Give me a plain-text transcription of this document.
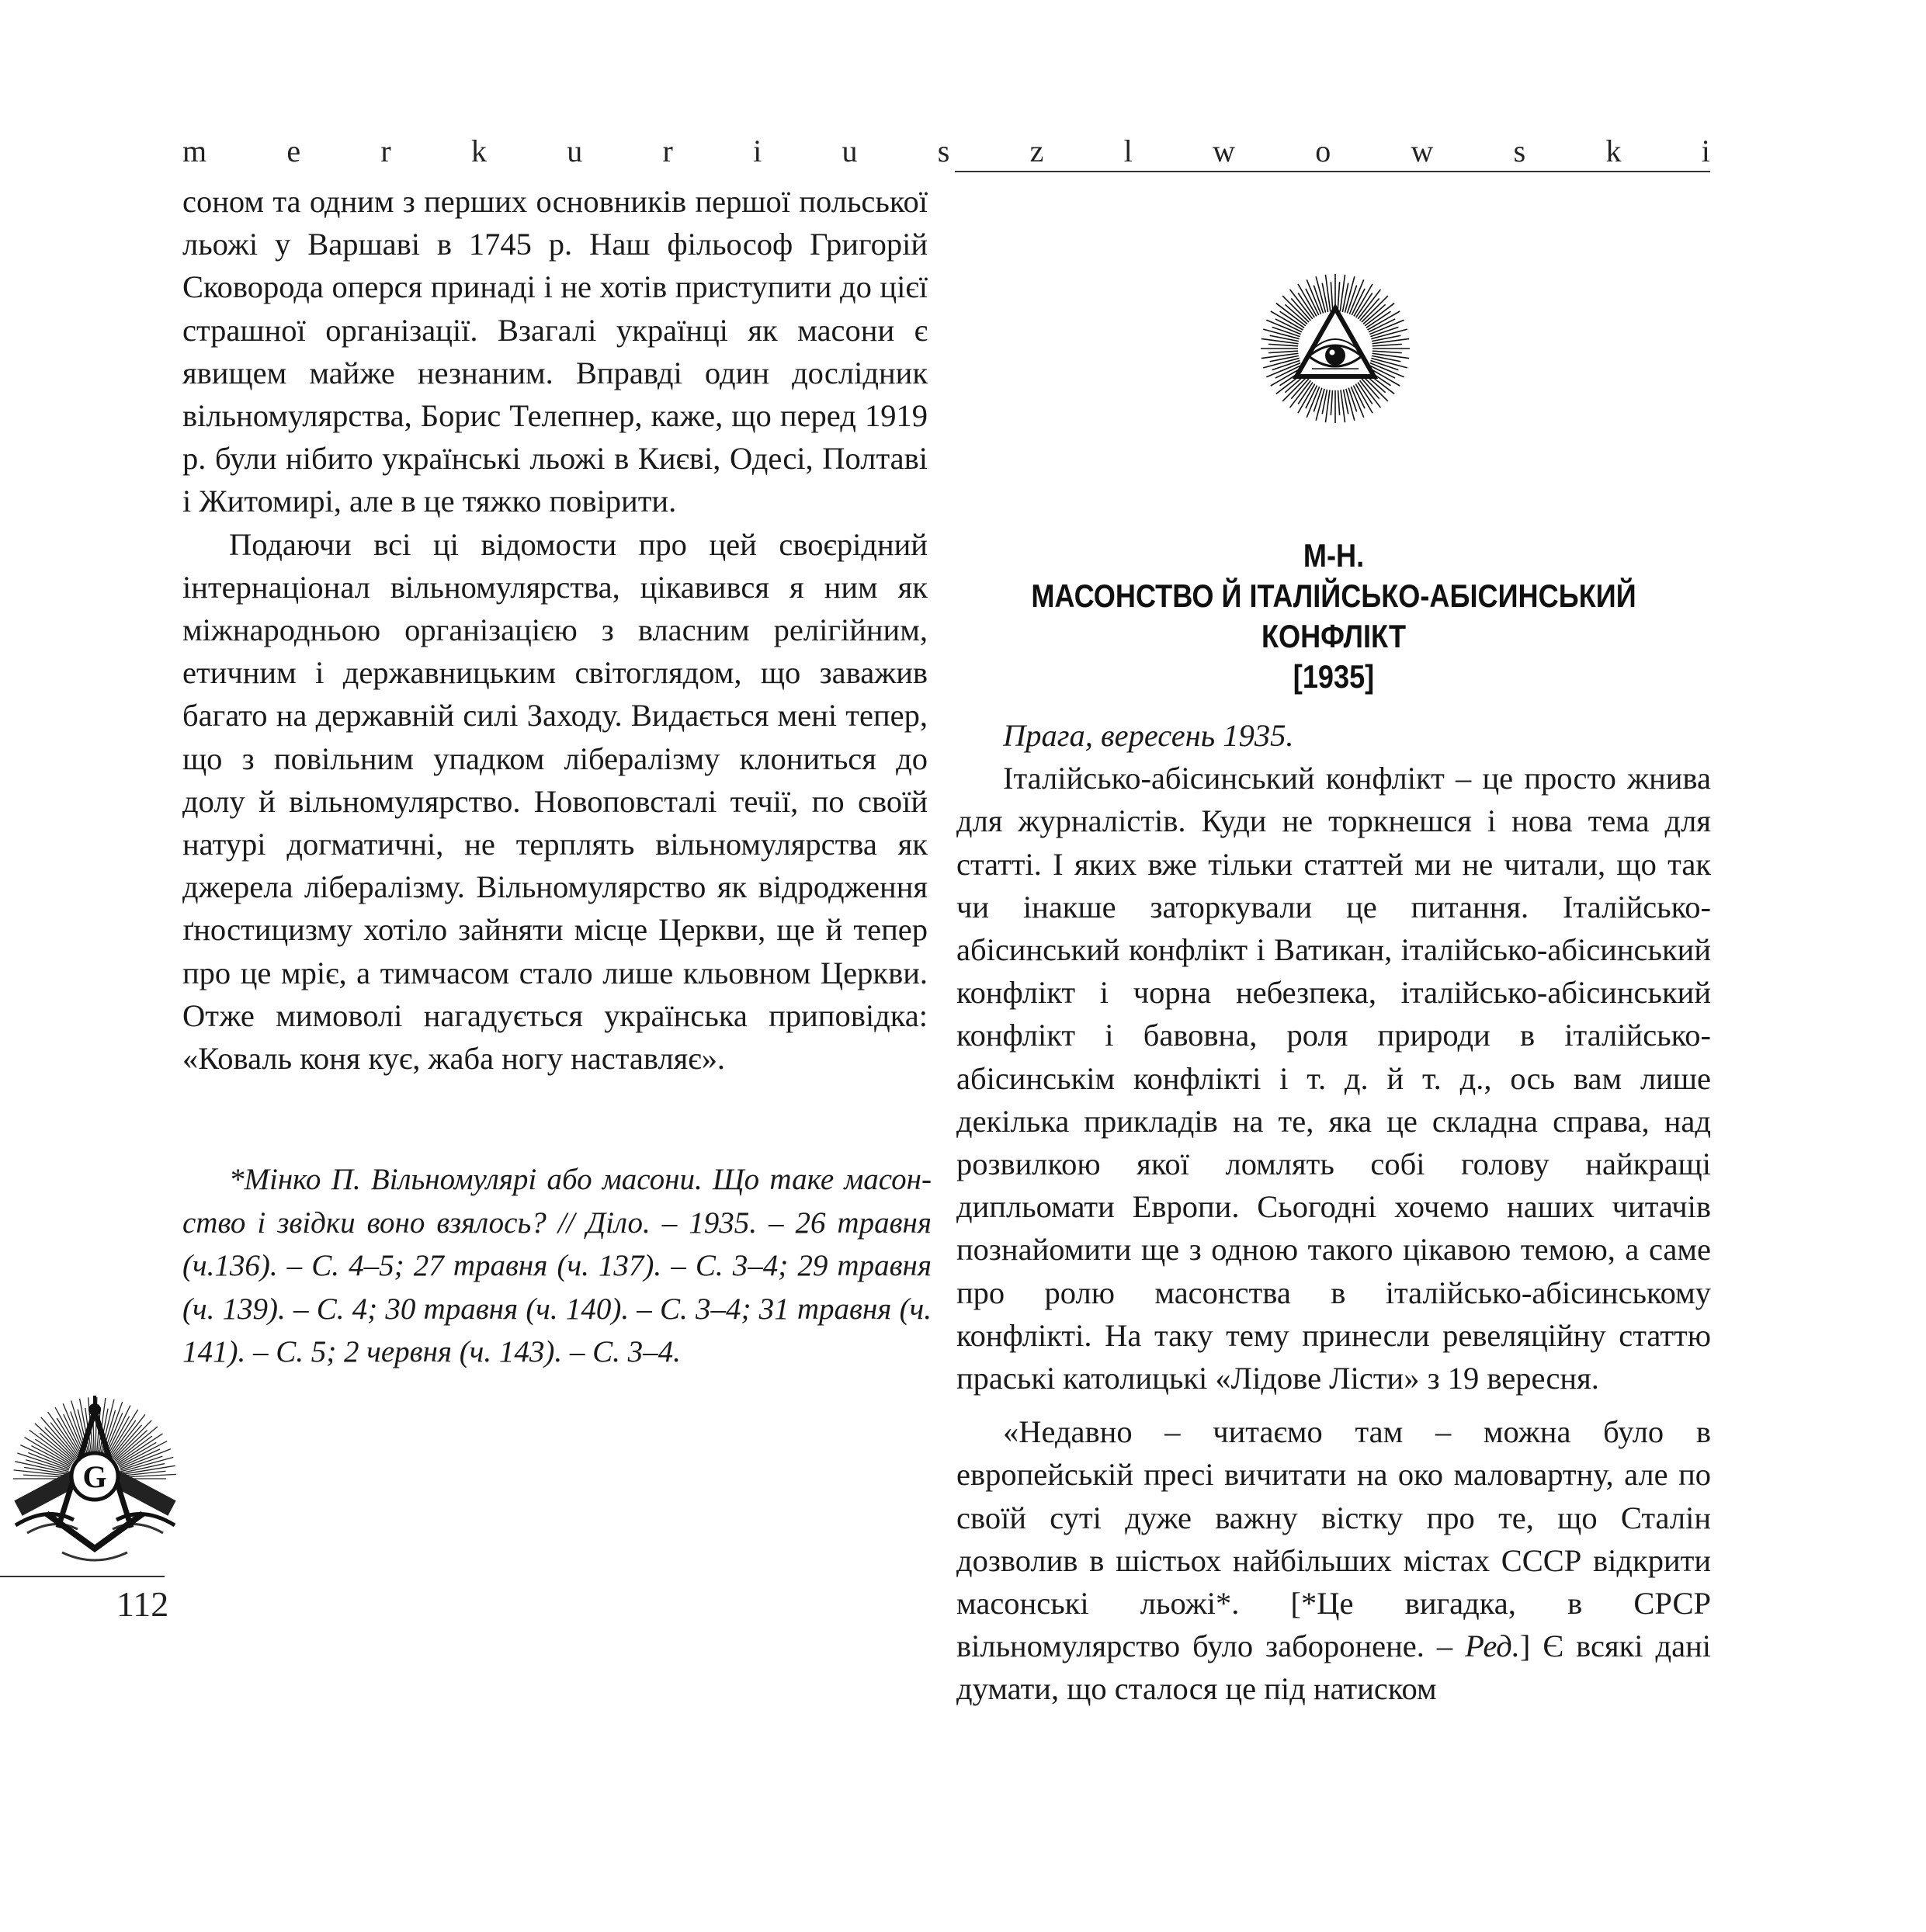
m	e	r	k	u	r	i	u	s	z	l	w	o	w	s	k	i

соном та одним з перших основників першої польської льожі у Варшаві в 1745 р. Наш фільософ Григорій Сковорода оперся принаді і не хотів приступити до цієї страшної організації. Взагалі українці як масони є явищем майже незнаним. Вправді один дослідник вільномулярства, Борис Телепнер, каже, що перед 1919 р. були нібито українські льожі в Києві, Одесі, Полтаві і Житомирі, але в це тяжко повірити.

Подаючи всі ці відомости про цей своєрідний інтернаціонал вільномулярства, цікавився я ним як міжнародньою організацією з власним релігійним, етичним і державницьким світоглядом, що заважив багато на державній силі Заходу. Видається мені тепер, що з повільним упадком лібералізму клониться до долу й вільномулярство. Новоповсталі течії, по своїй натурі догматичні, не терплять вільномулярства як джерела лібералізму. Вільномулярство як відродження ґностицизму хотіло зайняти місце Церкви, ще й тепер про це мріє, а тимчасом стало лише кльовном Церкви. Отже мимоволі нагадується українська приповідка: «Коваль коня кує, жаба ногу наставляє».

*Мінко П. Вільномулярі або масони. Що таке масонство і звідки воно взялось? // Діло. – 1935. – 26 травня (ч.136). – С. 4–5; 27 травня (ч. 137). – С. 3–4; 29 травня (ч. 139). – С. 4; 30 травня (ч. 140). – С. 3–4; 31 травня (ч. 141). – С. 5; 2 червня (ч. 143). – С. 3–4.

М-Н.
МАСОНСТВО Й ІТАЛІЙСЬКО-АБІСИНСЬКИЙ
КОНФЛІКТ
[1935]

Прага, вересень 1935.

Італійсько-абісинський конфлікт – це просто жнива для журналістів. Куди не торкнешся і нова тема для статті. І яких вже тільки статтей ми не читали, що так чи інакше заторкували це питання. Італійсько-абісинський конфлікт і Ватикан, італійсько-абісинський конфлікт і чорна небезпека, італійсько-абісинський конфлікт і бавовна, роля природи в італійсько-абісинськім конфлікті і т. д. й т. д., ось вам лише декілька прикладів на те, яка це складна справа, над розвилкою якої ломлять собі голову найкращі дипльомати Европи. Сьогодні хочемо наших читачів познайомити ще з одною такого цікавою темою, а саме про ролю масонства в італійсько-абісинському конфлікті. На таку тему принесли ревеляційну статтю праські католицькі «Лідове Лісти» з 19 вересня.

«Недавно – читаємо там – можна було в европейській пресі вичитати на око маловартну, але по своїй суті дуже важну вістку про те, що Сталін дозволив в шістьох найбільших містах СССР відкрити масонські льожі*. [*Це вигадка, в СРСР вільномулярство було заборонене. – Ред.] Є всякі дані думати, що сталося це під натиском

G
112
